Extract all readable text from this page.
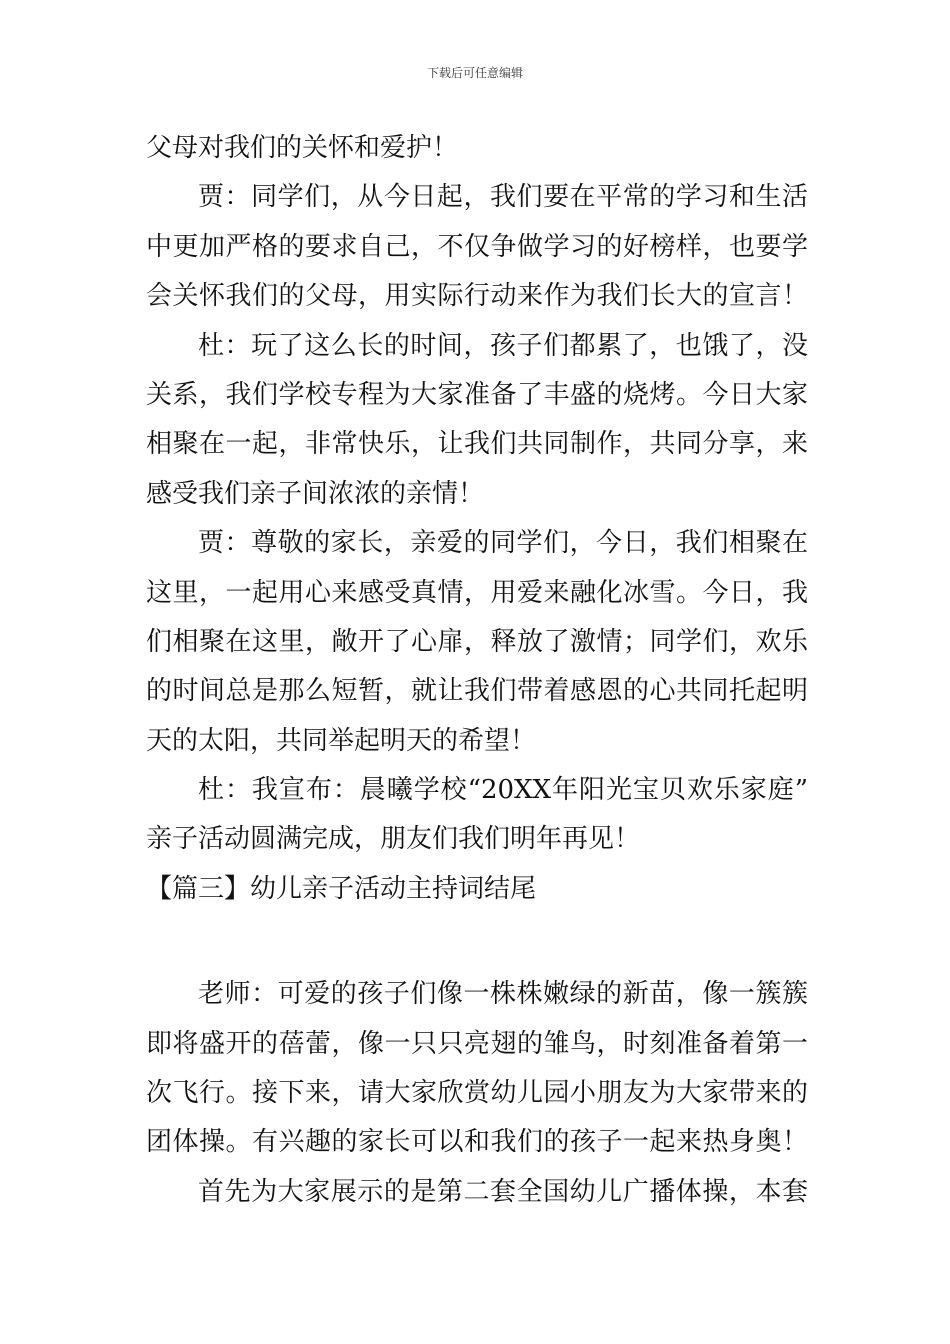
下载后可任意编辑
父母对我们的关怀和爱护！
贾：同学们，从今日起，我们要在平常的学习和生活
中更加严格的要求自己，不仅争做学习的好榜样，也要学
会关怀我们的父母，用实际行动来作为我们长大的宣言！
杜：玩了这么长的时间，孩子们都累了，也饿了，没
关系，我们学校专程为大家准备了丰盛的烧烤。今日大家
相聚在一起，非常快乐，让我们共同制作，共同分享，来
感受我们亲子间浓浓的亲情！
贾：尊敬的家长，亲爱的同学们，今日，我们相聚在
这里，一起用心来感受真情，用爱来融化冰雪。今日，我
们相聚在这里，敞开了心扉，释放了激情；同学们，欢乐
的时间总是那么短暂，就让我们带着感恩的心共同托起明
天的太阳，共同举起明天的希望！
杜：我宣布：晨曦学校“20XX年阳光宝贝欢乐家庭”
亲子活动圆满完成，朋友们我们明年再见！
【篇三】幼儿亲子活动主持词结尾
老师：可爱的孩子们像一株株嫩绿的新苗，像一簇簇
即将盛开的蓓蕾，像一只只亮翅的雏鸟，时刻准备着第一
次飞行。接下来，请大家欣赏幼儿园小朋友为大家带来的
团体操。有兴趣的家长可以和我们的孩子一起来热身奥！
首先为大家展示的是第二套全国幼儿广播体操，本套
